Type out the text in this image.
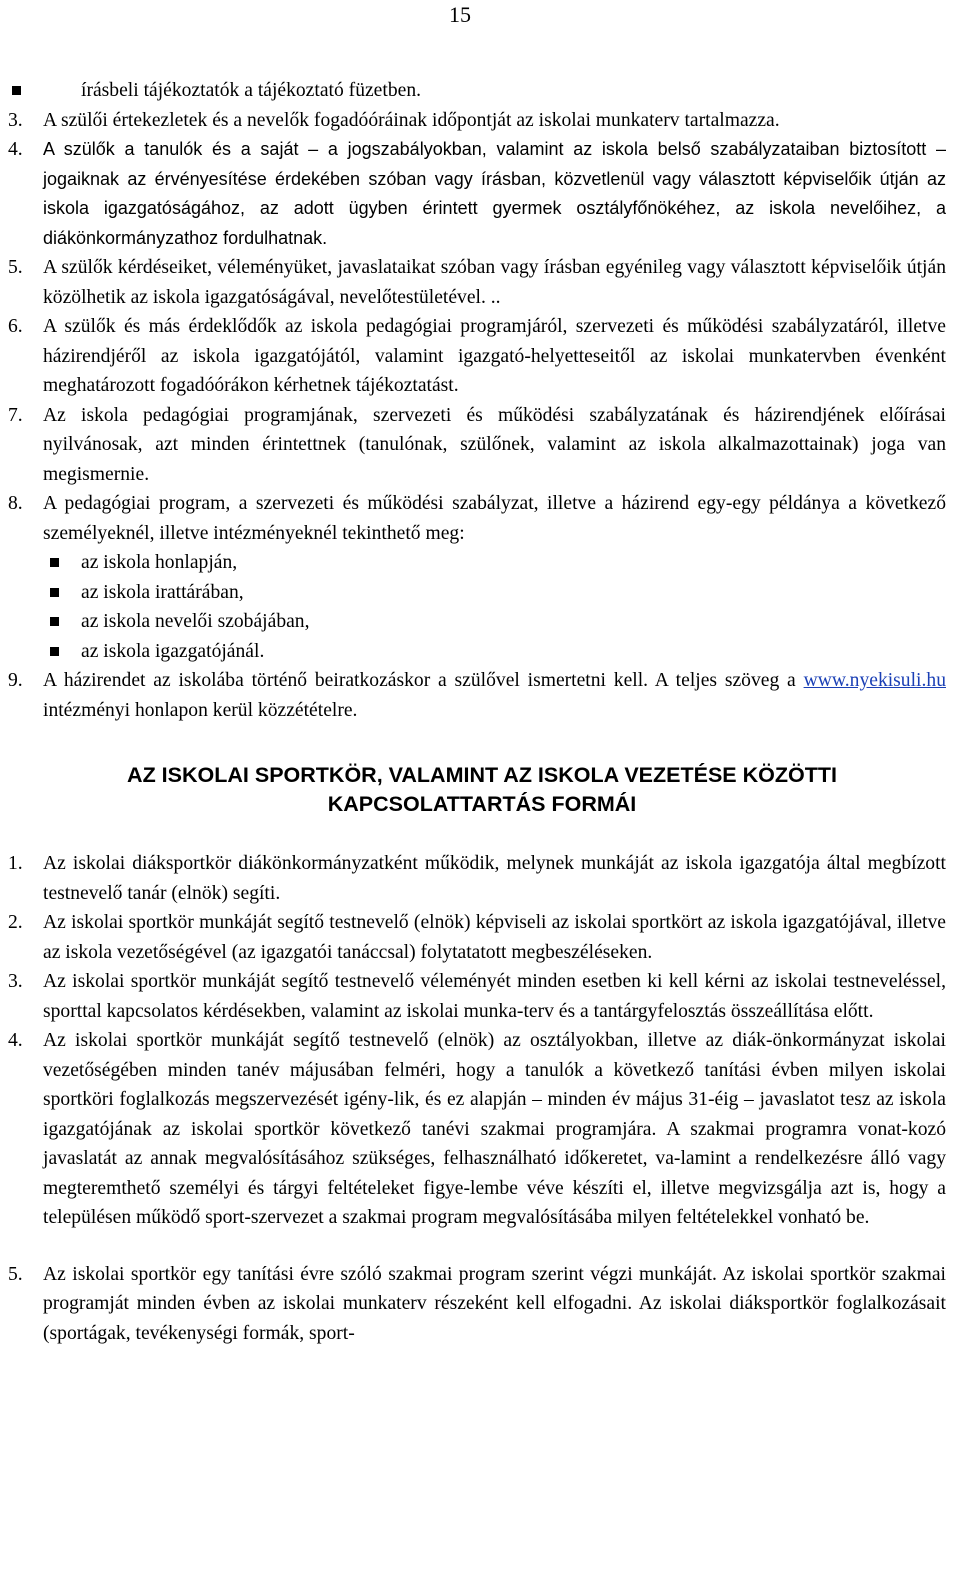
15
írásbeli tájékoztatók a tájékoztató füzetben.
3.	A szülői értekezletek és a nevelők fogadóóráinak időpontját az iskolai munkaterv tartalmazza.
4.	A szülők a tanulók és a saját – a jogszabályokban, valamint az iskola belső szabályzataiban biztosított – jogaiknak az érvényesítése érdekében szóban vagy írásban, közvetlenül vagy választott képviselőik útján az iskola igazgatóságához, az adott ügyben érintett gyermek osztályfőnökéhez, az iskola nevelőihez, a diákönkormányzathoz fordulhatnak.
5.	A szülők kérdéseiket, véleményüket, javaslataikat szóban vagy írásban egyénileg vagy választott képviselőik útján közölhetik az iskola igazgatóságával, nevelőtestületével. ..
6.	A szülők és más érdeklődők az iskola pedagógiai programjáról, szervezeti és működési szabályzatáról, illetve házirendjéről az iskola igazgatójától, valamint igazgató-helyetteseitől az iskolai munkatervben évenként meghatározott fogadóórákon kérhetnek tájékoztatást.
7.	Az iskola pedagógiai programjának, szervezeti és működési szabályzatának és házirendjének előírásai nyilvánosak, azt minden érintettnek (tanulónak, szülőnek, valamint az iskola alkalmazottainak) joga van megismernie.
8.	A pedagógiai program, a szervezeti és működési szabályzat, illetve a házirend egy-egy példánya a következő személyeknél, illetve intézményeknél tekinthető meg:
az iskola honlapján,
az iskola irattárában,
az iskola nevelői szobájában,
az iskola igazgatójánál.
9.	A házirendet az iskolába történő beiratkozáskor a szülővel ismertetni kell. A teljes szöveg a www.nyekisuli.hu intézményi honlapon kerül közzétételre.
AZ ISKOLAI SPORTKÖR, VALAMINT AZ ISKOLA VEZETÉSE KÖZÖTTI
KAPCSOLATTARTÁS FORMÁI
1.	Az iskolai diáksportkör diákönkormányzatként működik, melynek munkáját az iskola igazgatója által megbízott testnevelő tanár (elnök) segíti.
2.	Az iskolai sportkör munkáját segítő testnevelő (elnök) képviseli az iskolai sportkört az iskola igazgatójával, illetve az iskola vezetőségével (az igazgatói tanáccsal) folytatatott megbeszéléseken.
3.	Az iskolai sportkör munkáját segítő testnevelő véleményét minden esetben ki kell kérni az iskolai testneveléssel, sporttal kapcsolatos kérdésekben, valamint az iskolai munka-terv és a tantárgyfelosztás összeállítása előtt.
4.	Az iskolai sportkör munkáját segítő testnevelő (elnök) az osztályokban, illetve az diák-önkormányzat iskolai vezetőségében minden tanév májusában felméri, hogy a tanulók a következő tanítási évben milyen iskolai sportköri foglalkozás megszervezését igény-lik, és ez alapján – minden év május 31-éig – javaslatot tesz az iskola igazgatójának az iskolai sportkör következő tanévi szakmai programjára. A szakmai programra vonat-kozó javaslatát az annak megvalósításához szükséges, felhasználható időkeretet, va-lamint a rendelkezésre álló vagy megteremthető személyi és tárgyi feltételeket figye-lembe véve készíti el, illetve megvizsgálja azt is, hogy a településen működő sport-szervezet a szakmai program megvalósításába milyen feltételekkel vonható be.
5.	Az iskolai sportkör egy tanítási évre szóló szakmai program szerint végzi munkáját. Az iskolai sportkör szakmai programját minden évben az iskolai munkaterv részeként kell elfogadni. Az iskolai diáksportkör foglalkozásait (sportágak, tevékenységi formák, sport-
